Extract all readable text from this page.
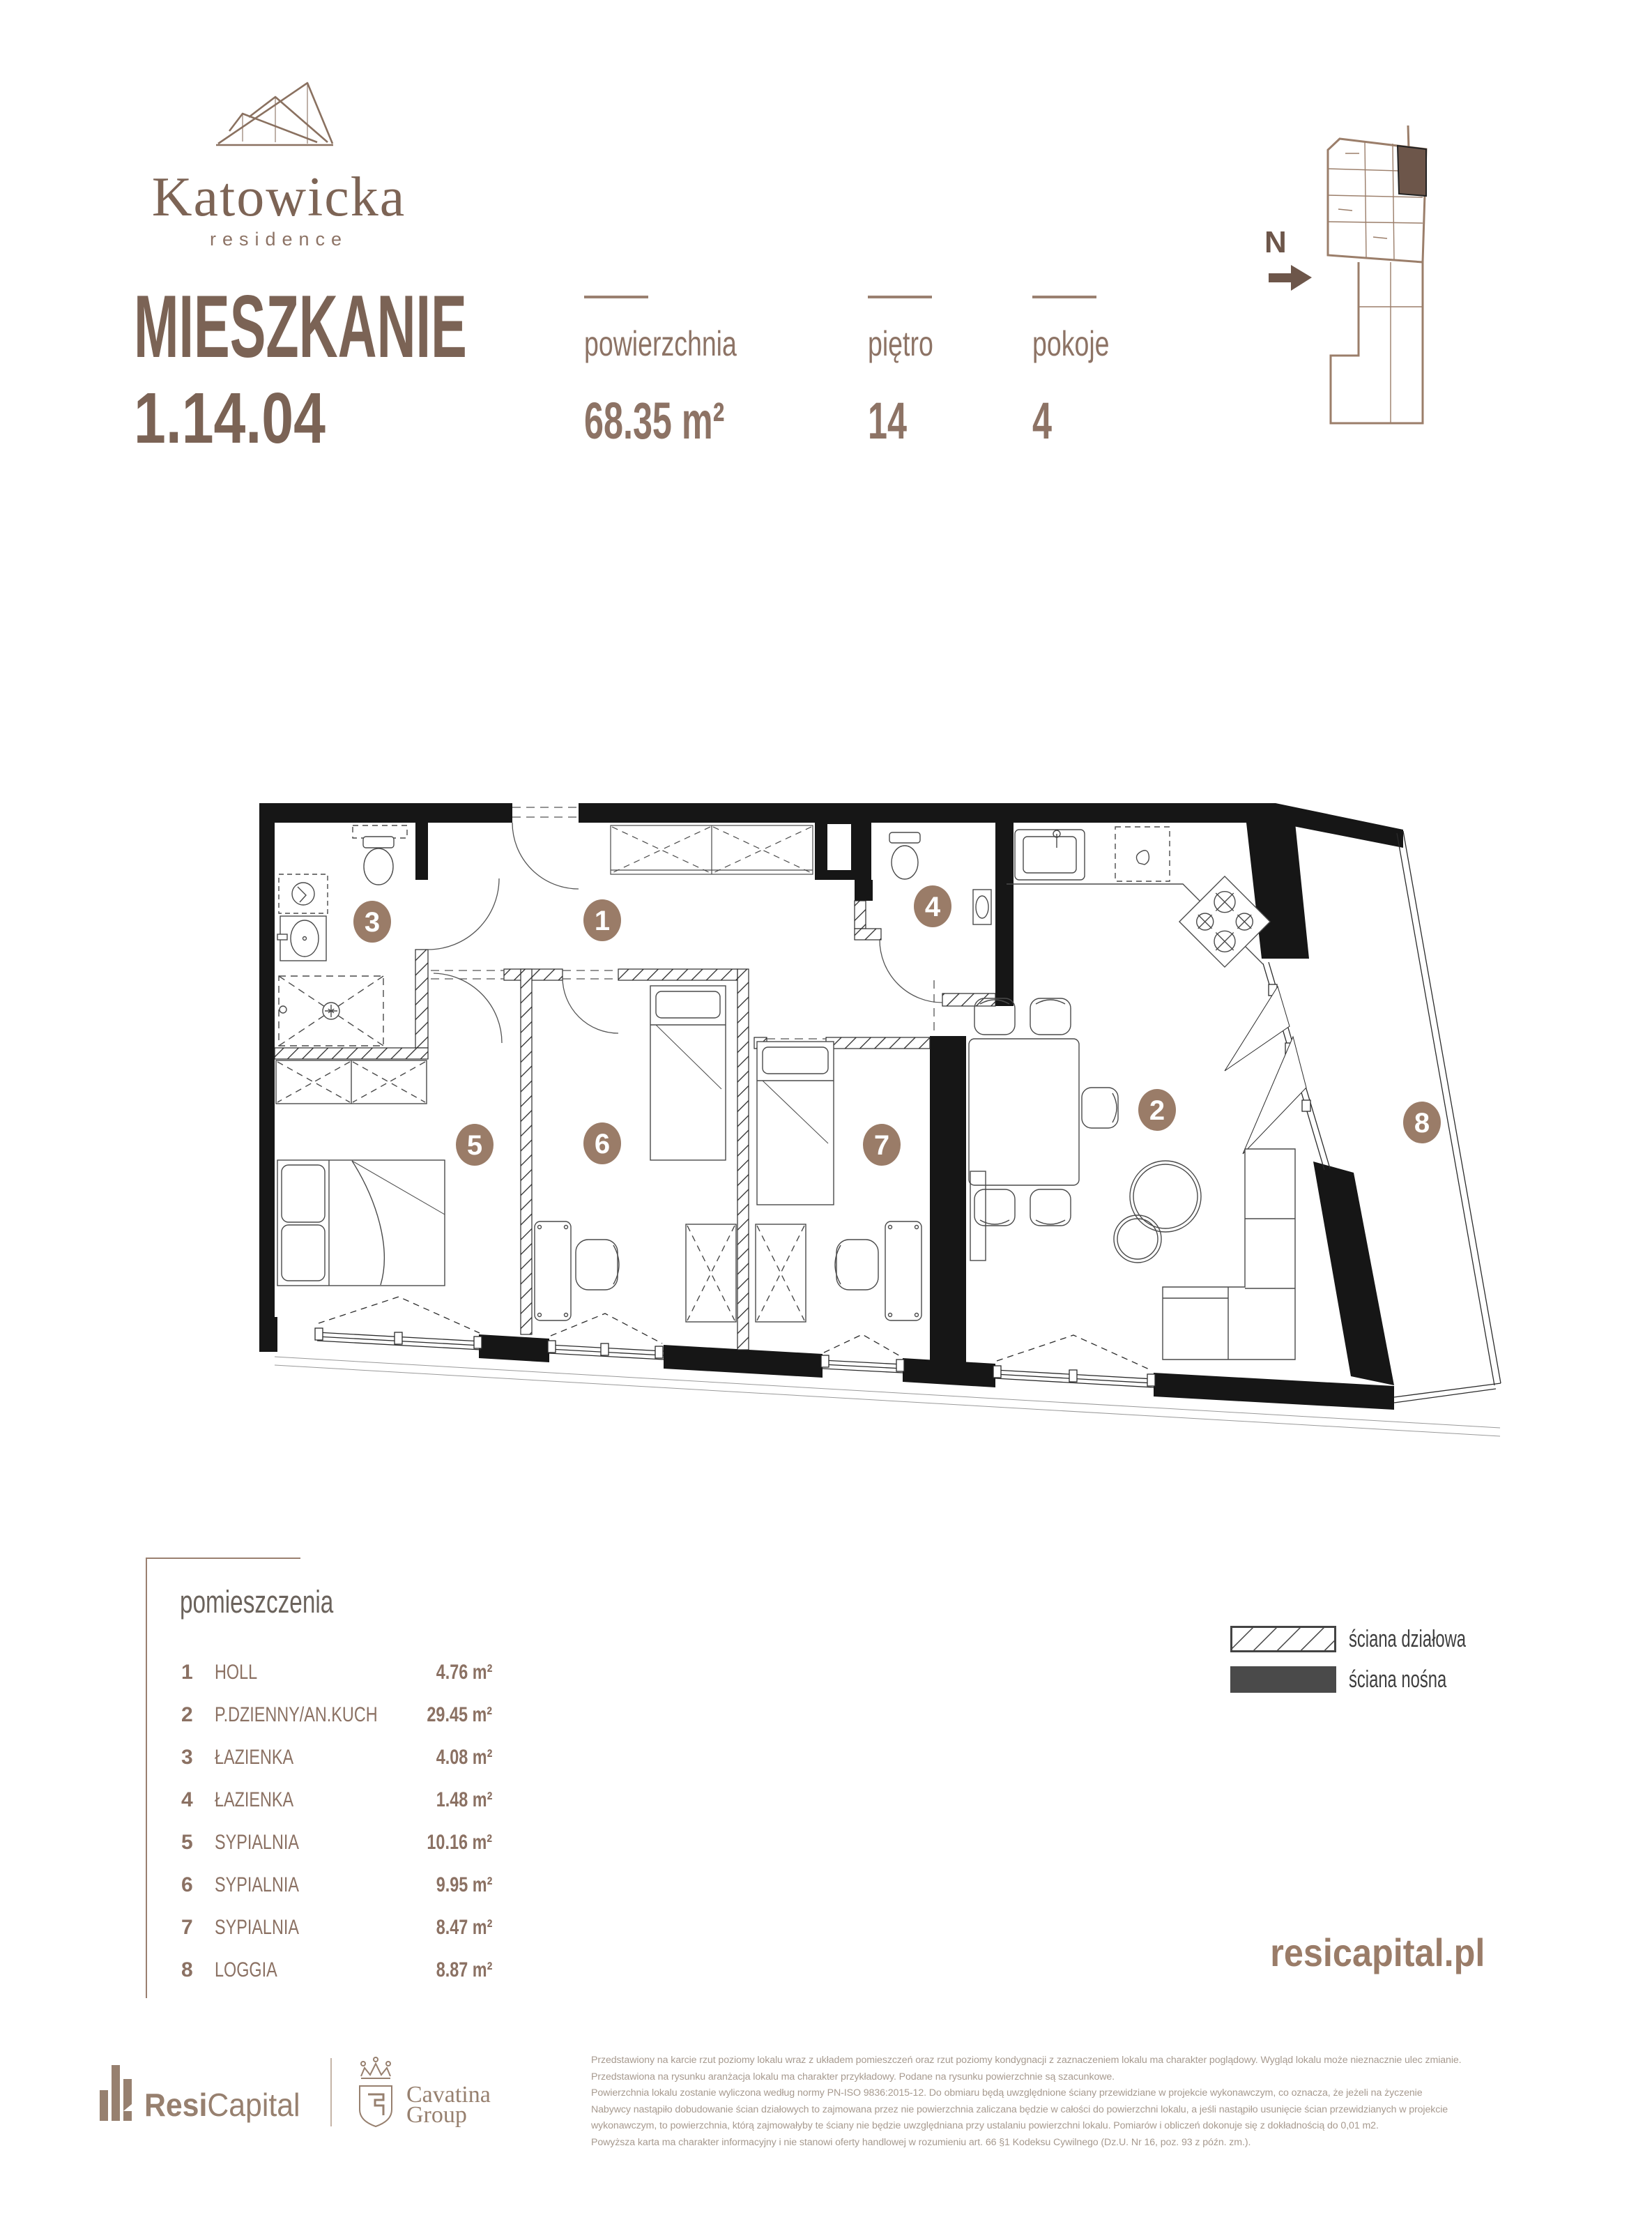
Katowicka
residence
MIESZKANIE
1.14.04
powierzchnia
68.35 m²
piętro
14
pokoje
4
N
1
2
3	4
5	6	7
8
pomieszczenia
1 HOLL	4.76 m²
2 P.DZIENNY/AN.KUCH	29.45 m²
3 ŁAZIENKA	4.08 m²
4 ŁAZIENKA	1.48 m²
5 SYPIALNIA	10.16 m²
6 SYPIALNIA	9.95 m²
7 SYPIALNIA	8.47 m²
8 LOGGIA	8.87 m²
ściana działowa
ściana nośna
resicapital.pl
ResiCapital	Cavatina
Group
Przedstawiony na karcie rzut poziomy lokalu wraz z układem pomieszczeń oraz rzut poziomy kondygnacji z zaznaczeniem lokalu ma charakter poglądowy. Wygląd lokalu może nieznacznie ulec zmianie.
Przedstawiona na rysunku aranżacja lokalu ma charakter przykładowy. Podane na rysunku powierzchnie są szacunkowe.
Powierzchnia lokalu zostanie wyliczona według normy PN-ISO 9836:2015-12. Do obmiaru będą uwzględnione ściany przewidziane w projekcie wykonawczym, co oznacza, że jeżeli na życzenie
Nabywcy nastąpiło dobudowanie ścian działowych to zajmowana przez nie powierzchnia zaliczana będzie w całości do powierzchni lokalu, a jeśli nastąpiło usunięcie ścian przewidzianych w projekcie
wykonawczym, to powierzchnia, którą zajmowałyby te ściany nie będzie uwzględniana przy ustalaniu powierzchni lokalu. Pomiarów i obliczeń dokonuje się z dokładnością do 0,01 m2.
Powyższa karta ma charakter informacyjny i nie stanowi oferty handlowej w rozumieniu art. 66 §1 Kodeksu Cywilnego (Dz.U. Nr 16, poz. 93 z późn. zm.).
